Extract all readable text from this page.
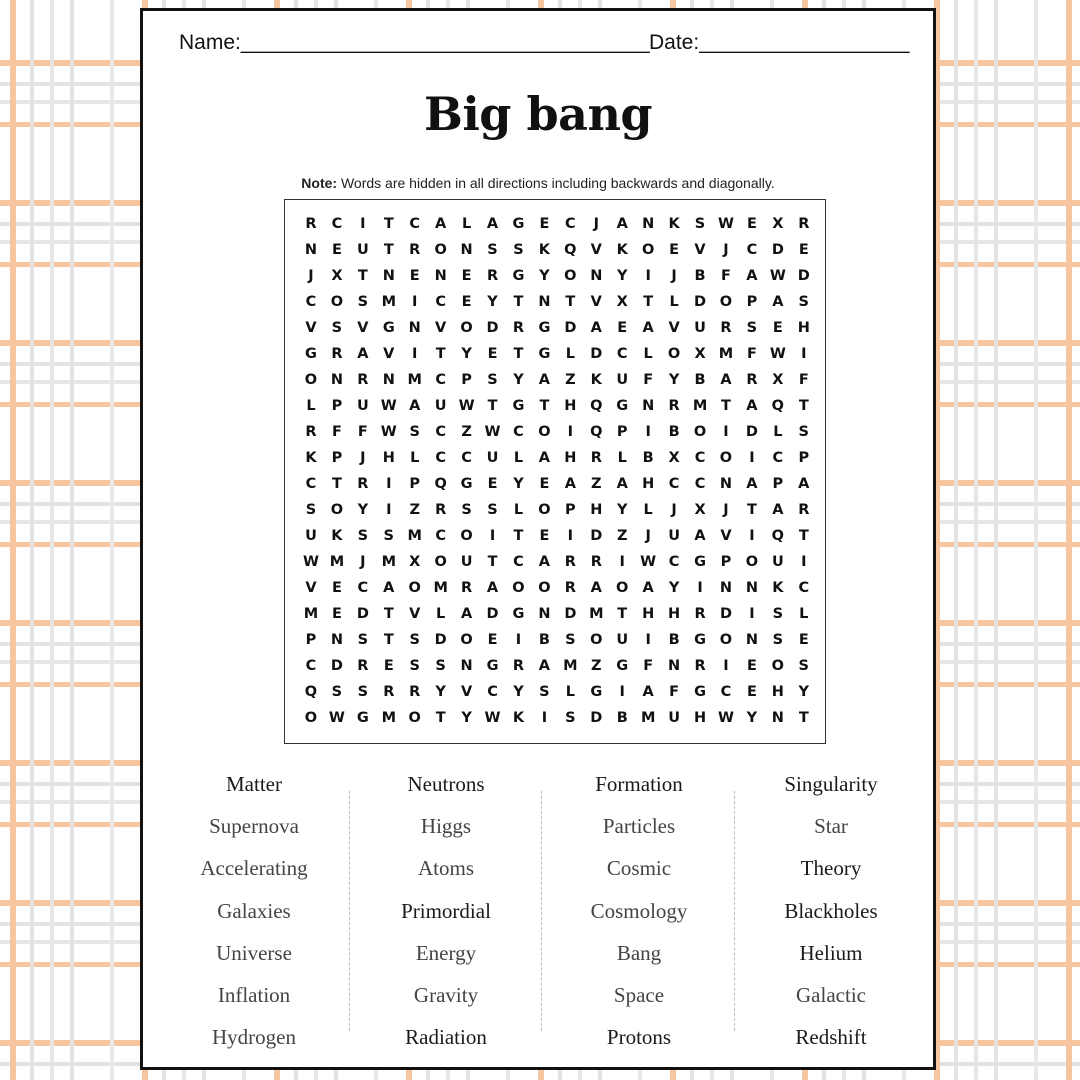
Name:___________________________________ Date:__________________
Big bang
Note: Words are hidden in all directions including backwards and diagonally.
R	C	I	T	C	A	L	A G	E	C	J	A N K	S W E	X	R
N	E	U	T	R O N	S	S	K Q V	K O	E	V	J	C	D	E
J	X	T	N	E	N	E	R G	Y	O N	Y	I	J	B	F	A W D
C O	S M	I	C	E	Y	T	N	T	V	X	T	L	D O P	A	S
V	S	V G N V O D R G D A	E	A	V U R	S	E	H
G R	A	V	I	T	Y	E	T	G	L	D	C	L	O X M F W	I
O N R N M C	P	S	Y	A	Z	K U	F	Y	B	A	R	X	F
L	P	U W A U W T	G	T	H Q G N R M T	A Q	T
R	F	F W S	C	Z W C O	I	Q P	I	B O	I	D	L	S
K	P	J	H	L	C	C	U	L	A H R	L	B	X	C O	I	C	P
C	T	R	I	P Q G	E	Y	E	A	Z	A H	C	C	N A	P	A
S	O	Y	I	Z	R	S	S	L	O P	H	Y	L	J	X	J	T	A	R
U K	S	S M C O	I	T	E	I	D	Z	J	U A	V	I	Q	T
W M	J	M X O U	T	C	A	R	R	I	W C	G	P O U	I
V	E	C	A O M R	A O O R	A O A	Y	I	N N K	C
M E	D	T	V	L	A D G N D M T	H H R D	I	S	L
P	N	S	T	S	D O	E	I	B	S	O U	I	B G O N	S	E
C	D R	E	S	S	N G R	A M Z	G	F	N R	I	E	O	S
Q	S	S	R	R	Y	V	C	Y	S	L	G	I	A	F	G	C	E	H	Y
O W G M O	T	Y W K	I	S	D B M U H W Y	N	T
Matter
Supernova
Accelerating
Galaxies
Universe
Inflation
Hydrogen
Neutrons
Higgs
Atoms
Primordial
Energy
Gravity
Radiation
Formation
Particles
Cosmic
Cosmology
Bang
Space
Protons
Singularity
Star
Theory
Blackholes
Helium
Galactic
Redshift
